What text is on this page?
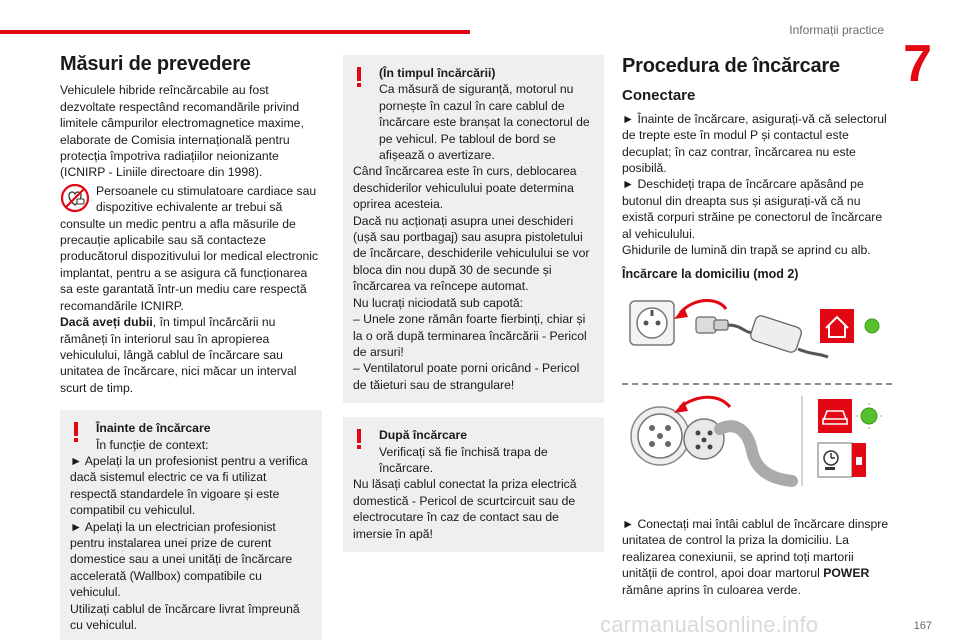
Informații practice
7
Măsuri de prevedere

Vehiculele hibride reîncărcabile au fost dezvoltate respectând recomandările privind limitele câmpurilor electromagnetice maxime, elaborate de Comisia internațională pentru protecția împotriva radiațiilor neionizante (ICNIRP - Liniile directoare din 1998).

Persoanele cu stimulatoare cardiace sau dispozitive echivalente ar trebui să consulte un medic pentru a afla măsurile de precauție aplicabile sau să contacteze producătorul dispozitivului lor medical electronic implantat, pentru a se asigura că funcționarea sa este garantată într-un mediu care respectă recomandările ICNIRP.

Dacă aveți dubii, în timpul încărcării nu rămâneți în interiorul sau în apropierea vehiculului, lângă cablul de încărcare sau unitatea de încărcare, nici măcar un interval scurt de timp.

Înainte de încărcare

În funcție de context:

► Apelați la un profesionist pentru a verifica dacă sistemul electric ce va fi utilizat respectă standardele în vigoare și este compatibil cu vehiculul.

► Apelați la un electrician profesionist pentru instalarea unei prize de curent domestice sau a unei unități de încărcare accelerată (Wallbox) compatibile cu vehiculul.

Utilizați cablul de încărcare livrat împreună cu vehiculul.

(În timpul încărcării)

Ca măsură de siguranță, motorul nu pornește în cazul în care cablul de încărcare este branșat la conectorul de pe vehicul. Pe tabloul de bord se afișează o avertizare.

Când încărcarea este în curs, deblocarea deschiderilor vehiculului poate determina oprirea acesteia.

Dacă nu acționați asupra unei deschideri (ușă sau portbagaj) sau asupra pistoletului de încărcare, deschiderile vehiculului se vor bloca din nou după 30 de secunde și încărcarea va reîncepe automat.

Nu lucrați niciodată sub capotă:

– Unele zone rămân foarte fierbinți, chiar și la o oră după terminarea încărcării - Pericol de arsuri!

– Ventilatorul poate porni oricând - Pericol de tăieturi sau de strangulare!

După încărcare

Verificați să fie închisă trapa de încărcare.

Nu lăsați cablul conectat la priza electrică domestică - Pericol de scurtcircuit sau de electrocutare în caz de contact sau de imersie în apă!

Procedura de încărcare
Conectare

► Înainte de încărcare, asigurați-vă că selectorul de trepte este în modul P și contactul este decuplat; în caz contrar, încărcarea nu este posibilă.

► Deschideți trapa de încărcare apăsând pe butonul din dreapta sus și asigurați-vă că nu există corpuri străine pe conectorul de încărcare al vehiculului.

Ghidurile de lumină din trapă se aprind cu alb.

Încărcare la domiciliu (mod 2)

► Conectați mai întâi cablul de încărcare dinspre unitatea de control la priza la domiciliu. La realizarea conexiunii, se aprind toți martorii unității de control, apoi doar martorul POWER rămâne aprins în culoarea verde.

carmanualsonline.info	167
